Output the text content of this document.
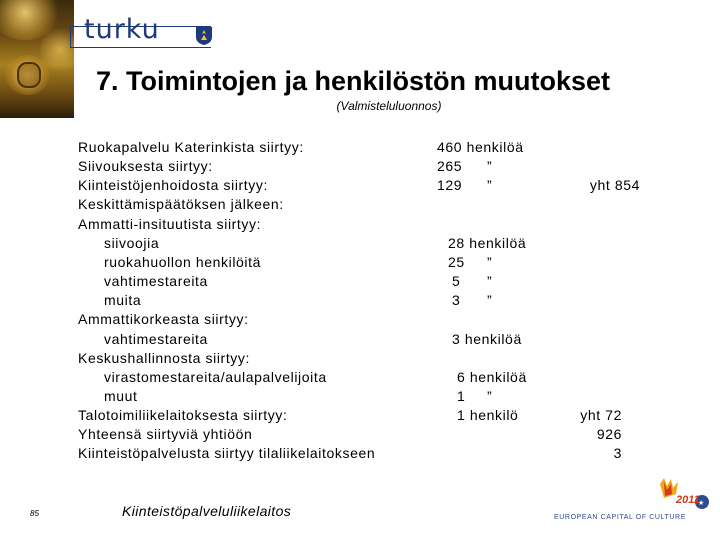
turku
7. Toimintojen ja henkilöstön muutokset
(Valmisteluluonnos)
Ruokapalvelu Katerinkista siirtyy:	460 henkilöä
Siivouksesta siirtyy:	265 ”
Kiinteistöjenhoidosta siirtyy:	129 ”	yht 854
Keskittämispäätöksen jälkeen:
Ammatti-insituutista siirtyy:
siivoojia	28 henkilöä
ruokahuollon henkilöitä	25 ”
vahtimestareita	5 ”
muita	3 ”
Ammattikorkeasta siirtyy:
vahtimestareita	3 henkilöä
Keskushallinnosta siirtyy:
virastomestareita/aulapalvelijoita	6 henkilöä
muut	1 ”
Talotoimiliikelaitoksesta siirtyy:	1 henkilö	yht 72
Yhteensä siirtyviä yhtiöön	926
Kiinteistöpalvelusta siirtyy tilaliikelaitokseen	3
85	Kiinteistöpalveluliikelaitos	★
2011
EUROPEAN CAPITAL OF CULTURE
